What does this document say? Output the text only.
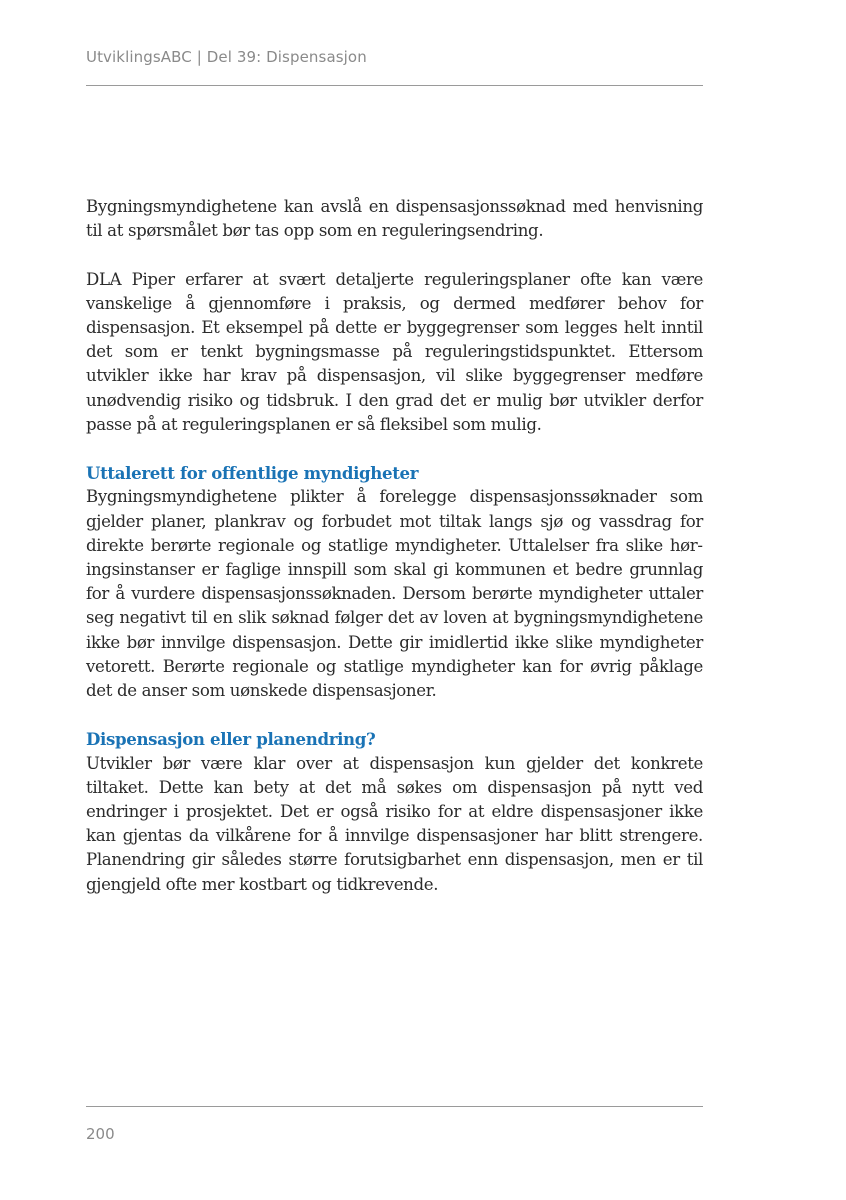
UtviklingsABC | Del 39: Dispensasjon

Bygningsmyndighetene kan avslå en dispensasjonssøknad med henvisning til at spørsmålet bør tas opp som en reguleringsendring.

DLA Piper erfarer at svært detaljerte reguleringsplaner ofte kan være vanskelige å gjennomføre i praksis, og dermed medfører behov for dispensasjon. Et eksempel på dette er byggegrenser som legges helt inntil det som er tenkt bygningsmasse på reguleringstidspunktet. Ettersom utvikler ikke har krav på dispensasjon, vil slike byggegrenser medføre unødvendig risiko og tidsbruk. I den grad det er mulig bør utvikler derfor passe på at reguleringsplanen er så fleksibel som mulig.

Uttalerett for offentlige myndigheter

Bygningsmyndighetene plikter å forelegge dispensasjonssøknader som gjelder planer, plankrav og forbudet mot tiltak langs sjø og vassdrag for direkte berørte regionale og statlige myndigheter. Uttalelser fra slike høringsinstanser er faglige innspill som skal gi kommunen et bedre grunnlag for å vurdere dispensasjonssøknaden. Dersom berørte myndigheter uttaler seg negativt til en slik søknad følger det av loven at bygningsmyndighetene ikke bør innvilge dispensasjon. Dette gir imidlertid ikke slike myndigheter vetorett. Berørte regionale og statlige myndigheter kan for øvrig påklage det de anser som uønskede dispensasjoner.

Dispensasjon eller planendring?

Utvikler bør være klar over at dispensasjon kun gjelder det konkrete tiltaket. Dette kan bety at det må søkes om dispensasjon på nytt ved endringer i prosjektet. Det er også risiko for at eldre dispensasjoner ikke kan gjentas da vilkårene for å innvilge dispensasjoner har blitt strengere. Planendring gir således større forutsigbarhet enn dispensasjon, men er til gjengjeld ofte mer kostbart og tidkrevende.

200
